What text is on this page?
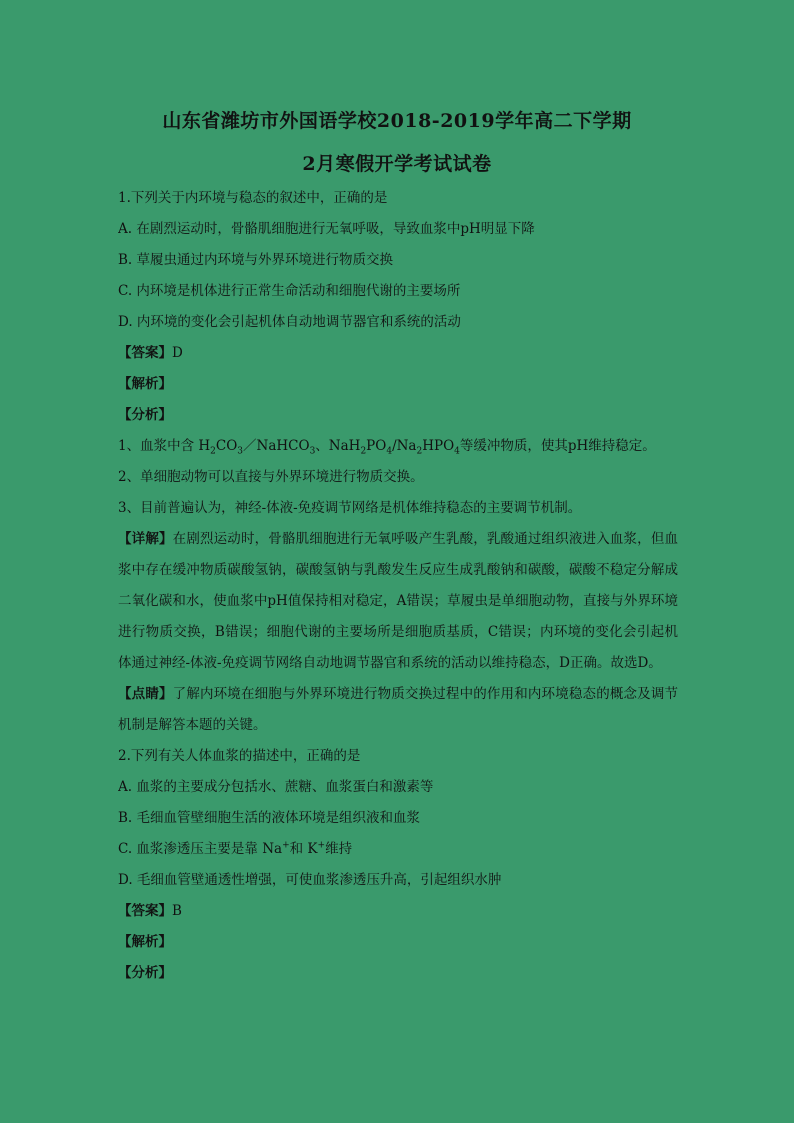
山东省潍坊市外国语学校2018-2019学年高二下学期
2月寒假开学考试试卷
1.下列关于内环境与稳态的叙述中，正确的是
A. 在剧烈运动时，骨骼肌细胞进行无氧呼吸，导致血浆中pH明显下降
B. 草履虫通过内环境与外界环境进行物质交换
C. 内环境是机体进行正常生命活动和细胞代谢的主要场所
D. 内环境的变化会引起机体自动地调节器官和系统的活动
【答案】D
【解析】
【分析】
1、血浆中含 $H_2CO_3/NaHCO_3$、$NaH_2PO_4/Na_2HPO_4$等缓冲物质，使其pH维持稳定。
2、单细胞动物可以直接与外界环境进行物质交换。
3、目前普遍认为，神经-体液-免疫调节网络是机体维持稳态的主要调节机制。
【详解】在剧烈运动时，骨骼肌细胞进行无氧呼吸产生乳酸，乳酸通过组织液进入血浆，但血浆中存在缓冲物质碳酸氢钠，碳酸氢钠与乳酸发生反应生成乳酸钠和碳酸，碳酸不稳定分解成二氧化碳和水，使血浆中pH值保持相对稳定，A错误；草履虫是单细胞动物，直接与外界环境进行物质交换，B错误；细胞代谢的主要场所是细胞质基质，C错误；内环境的变化会引起机体通过神经-体液-免疫调节网络自动地调节器官和系统的活动以维持稳态，D正确。故选D。
【点睛】了解内环境在细胞与外界环境进行物质交换过程中的作用和内环境稳态的概念及调节机制是解答本题的关键。
2.下列有关人体血浆的描述中，正确的是
A. 血浆的主要成分包括水、蔗糖、血浆蛋白和激素等
B. 毛细血管壁细胞生活的液体环境是组织液和血浆
C. 血浆渗透压主要是靠 Na+和 K+维持
D. 毛细血管壁通透性增强，可使血浆渗透压升高，引起组织水肿
【答案】B
【解析】
【分析】
